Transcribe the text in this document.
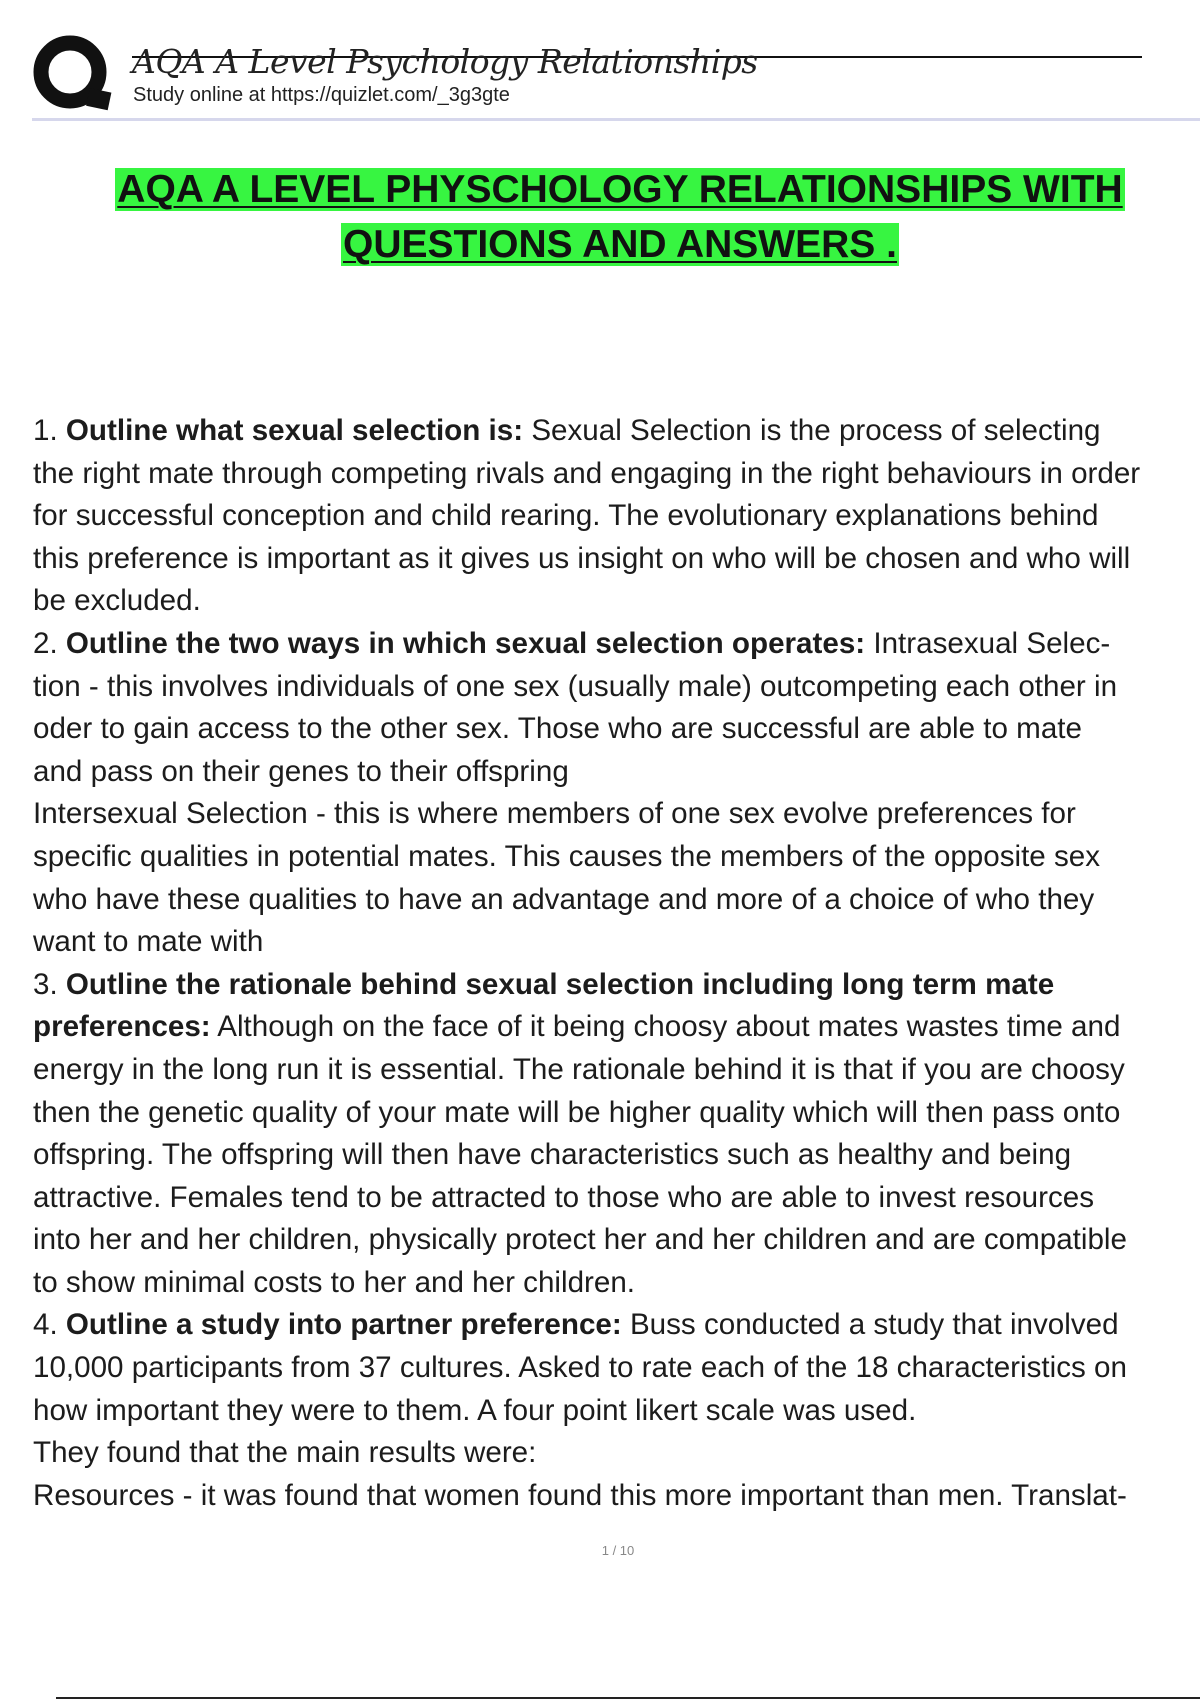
AQA A Level Psychology Relationships
Study online at https://quizlet.com/_3g3gte
AQA A LEVEL PHYSCHOLOGY RELATIONSHIPS WITH
QUESTIONS AND ANSWERS .

1. Outline what sexual selection is: Sexual Selection is the process of selecting

the right mate through competing rivals and engaging in the right behaviours in order

for successful conception and child rearing. The evolutionary explanations behind

this preference is important as it gives us insight on who will be chosen and who will

be excluded.

2. Outline the two ways in which sexual selection operates: Intrasexual Selec-

tion - this involves individuals of one sex (usually male) outcompeting each other in

oder to gain access to the other sex. Those who are successful are able to mate

and pass on their genes to their offspring

Intersexual Selection - this is where members of one sex evolve preferences for

specific qualities in potential mates. This causes the members of the opposite sex

who have these qualities to have an advantage and more of a choice of who they

want to mate with

3. Outline the rationale behind sexual selection including long term mate

preferences: Although on the face of it being choosy about mates wastes time and

energy in the long run it is essential. The rationale behind it is that if you are choosy

then the genetic quality of your mate will be higher quality which will then pass onto

offspring. The offspring will then have characteristics such as healthy and being

attractive. Females tend to be attracted to those who are able to invest resources

into her and her children, physically protect her and her children and are compatible

to show minimal costs to her and her children.

4. Outline a study into partner preference: Buss conducted a study that involved

10,000 participants from 37 cultures. Asked to rate each of the 18 characteristics on

how important they were to them. A four point likert scale was used.

They found that the main results were:

Resources - it was found that women found this more important than men. Translat-

1 / 10
